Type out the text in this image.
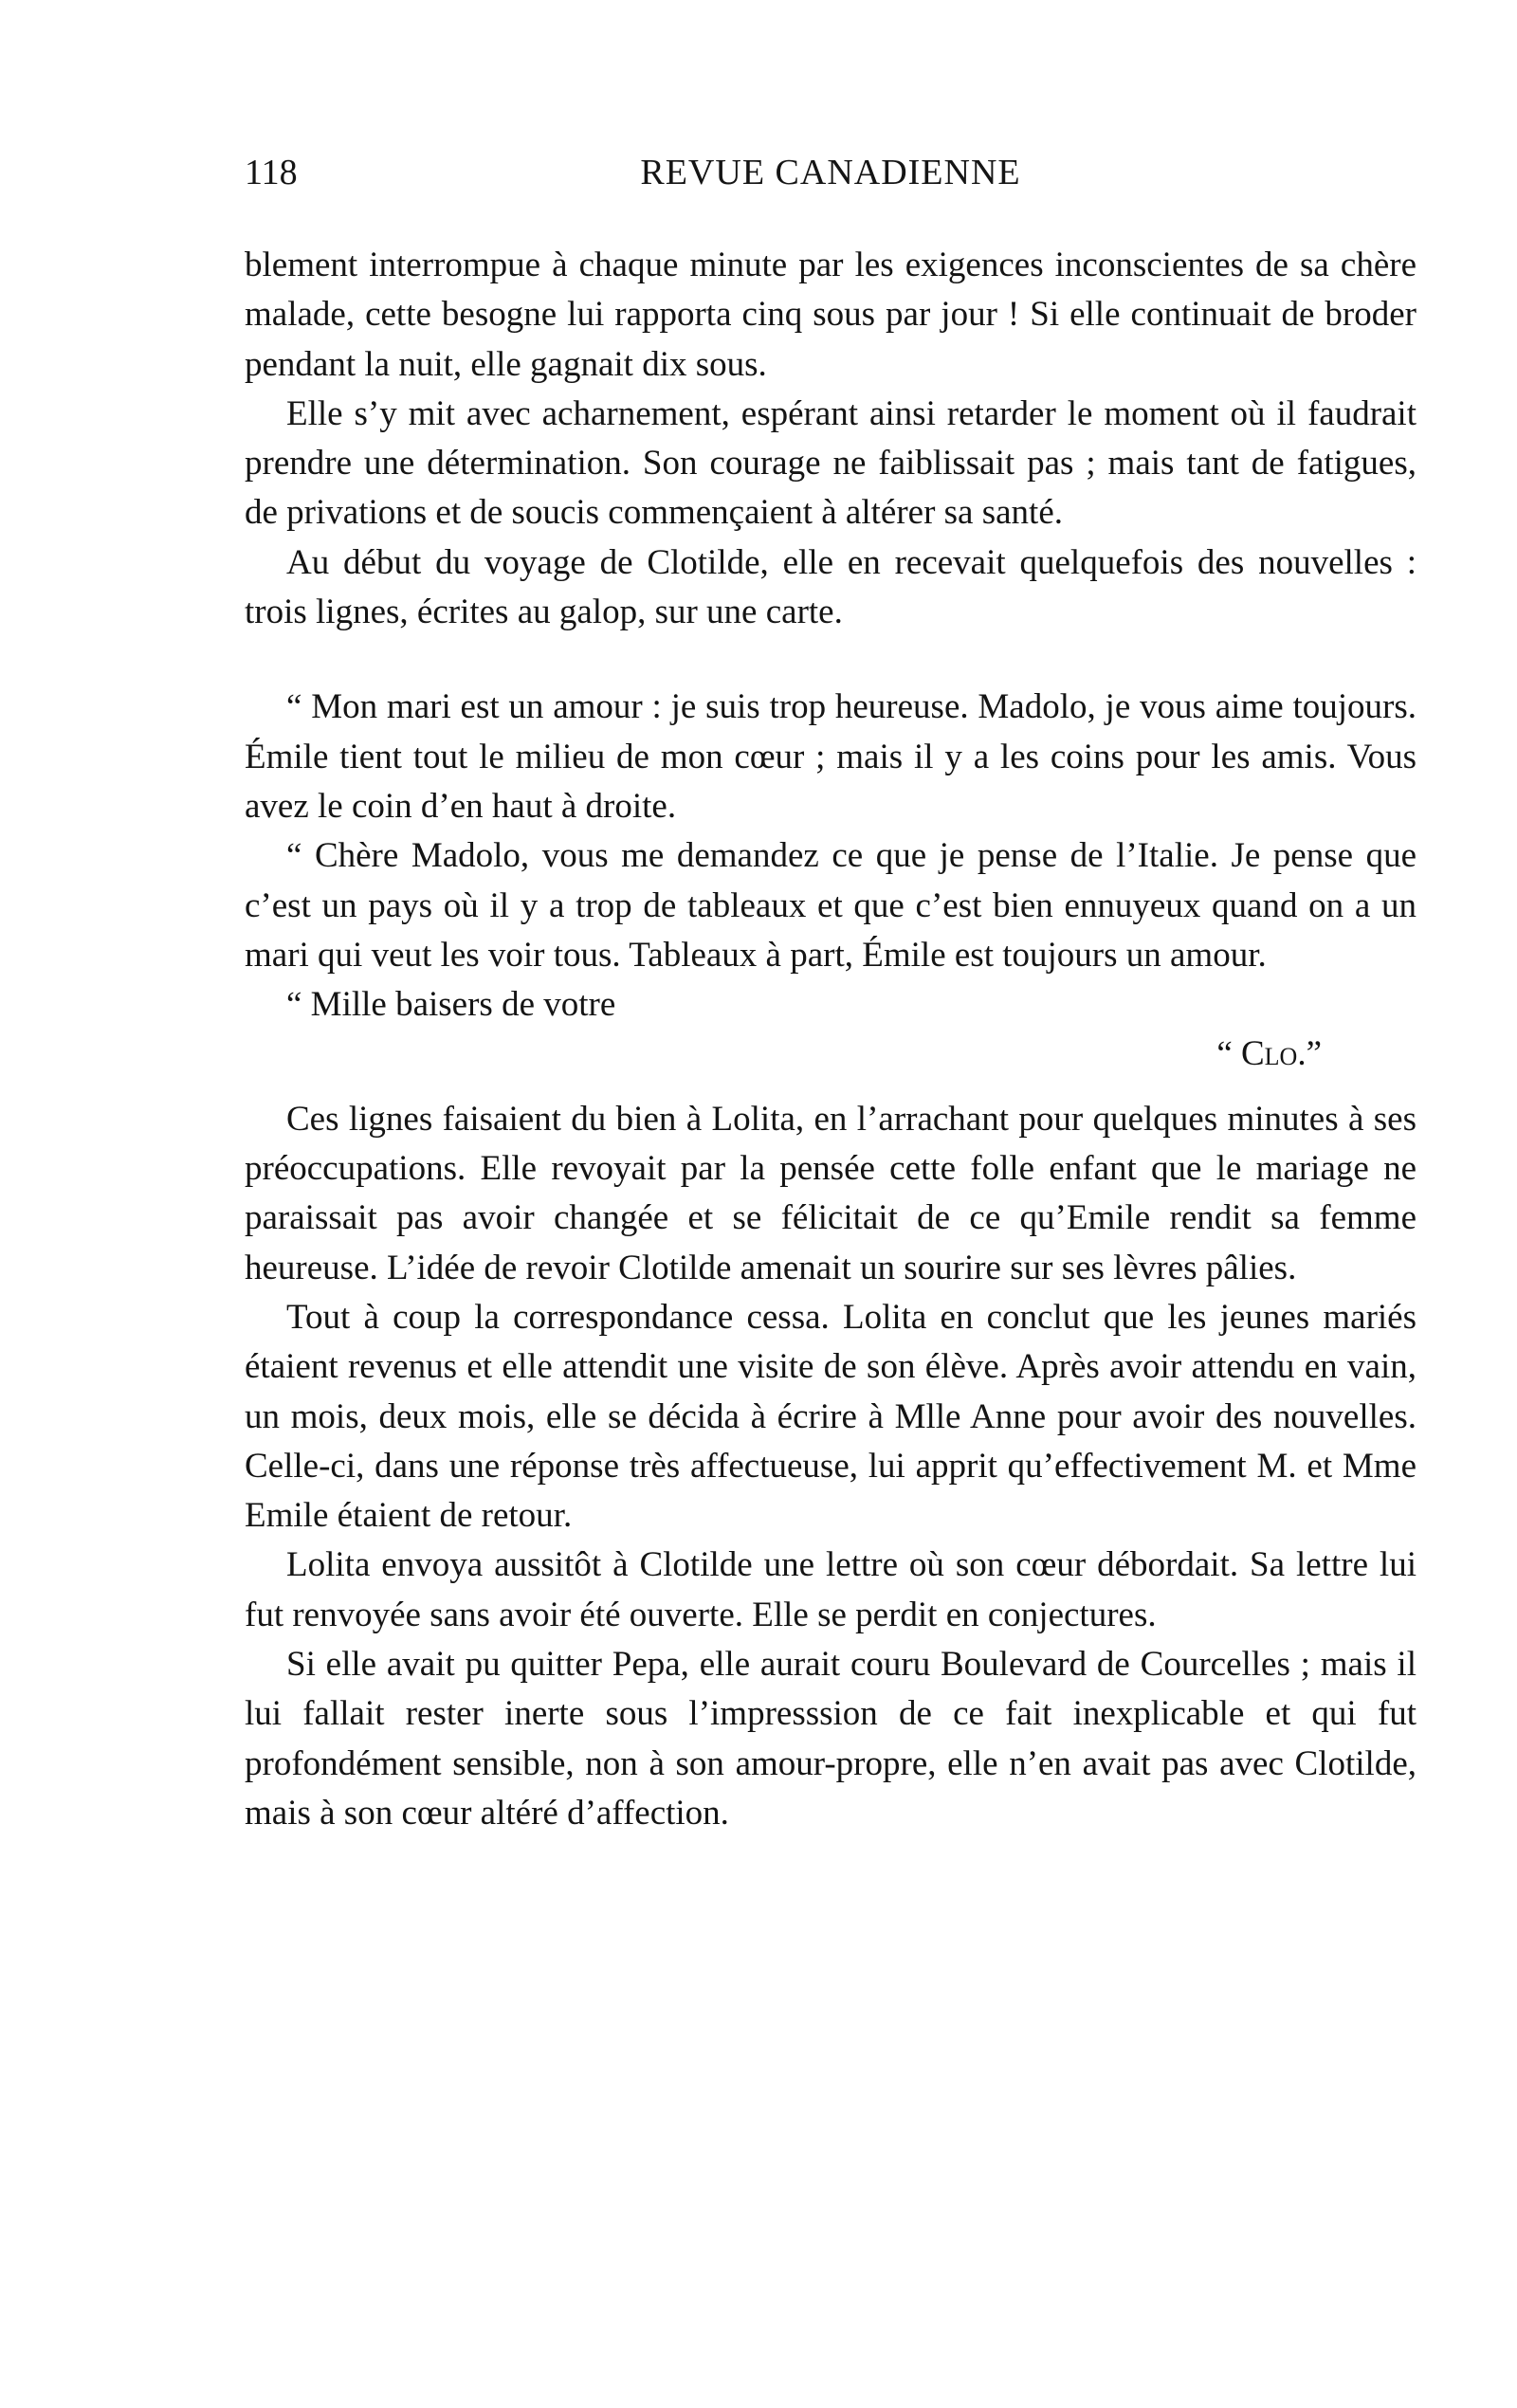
118	REVUE CANADIENNE

blement interrompue à chaque minute par les exigences inconscientes de sa chère malade, cette besogne lui rapporta cinq sous par jour ! Si elle continuait de broder pendant la nuit, elle gagnait dix sous.

Elle s’y mit avec acharnement, espérant ainsi retarder le moment où il faudrait prendre une détermination. Son courage ne faiblissait pas ; mais tant de fatigues, de privations et de soucis commençaient à altérer sa santé.

Au début du voyage de Clotilde, elle en recevait quelquefois des nouvelles : trois lignes, écrites au galop, sur une carte.

“ Mon mari est un amour : je suis trop heureuse. Madolo, je vous aime toujours. Émile tient tout le milieu de mon cœur ; mais il y a les coins pour les amis. Vous avez le coin d’en haut à droite.

“ Chère Madolo, vous me demandez ce que je pense de l’Italie. Je pense que c’est un pays où il y a trop de tableaux et que c’est bien ennuyeux quand on a un mari qui veut les voir tous. Tableaux à part, Émile est toujours un amour.

“ Mille baisers de votre

“ Clo.”

Ces lignes faisaient du bien à Lolita, en l’arrachant pour quelques minutes à ses préoccupations. Elle revoyait par la pensée cette folle enfant que le mariage ne paraissait pas avoir changée et se félicitait de ce qu’Emile rendit sa femme heureuse. L’idée de revoir Clotilde amenait un sourire sur ses lèvres pâlies.

Tout à coup la correspondance cessa. Lolita en conclut que les jeunes mariés étaient revenus et elle attendit une visite de son élève. Après avoir attendu en vain, un mois, deux mois, elle se décida à écrire à Mlle Anne pour avoir des nouvelles. Celle-ci, dans une réponse très affectueuse, lui apprit qu’effectivement M. et Mme Emile étaient de retour.

Lolita envoya aussitôt à Clotilde une lettre où son cœur débordait. Sa lettre lui fut renvoyée sans avoir été ouverte. Elle se perdit en conjectures.

Si elle avait pu quitter Pepa, elle aurait couru Boulevard de Courcelles ; mais il lui fallait rester inerte sous l’impresssion de ce fait inexplicable et qui fut profondément sensible, non à son amour-propre, elle n’en avait pas avec Clotilde, mais à son cœur altéré d’affection.
